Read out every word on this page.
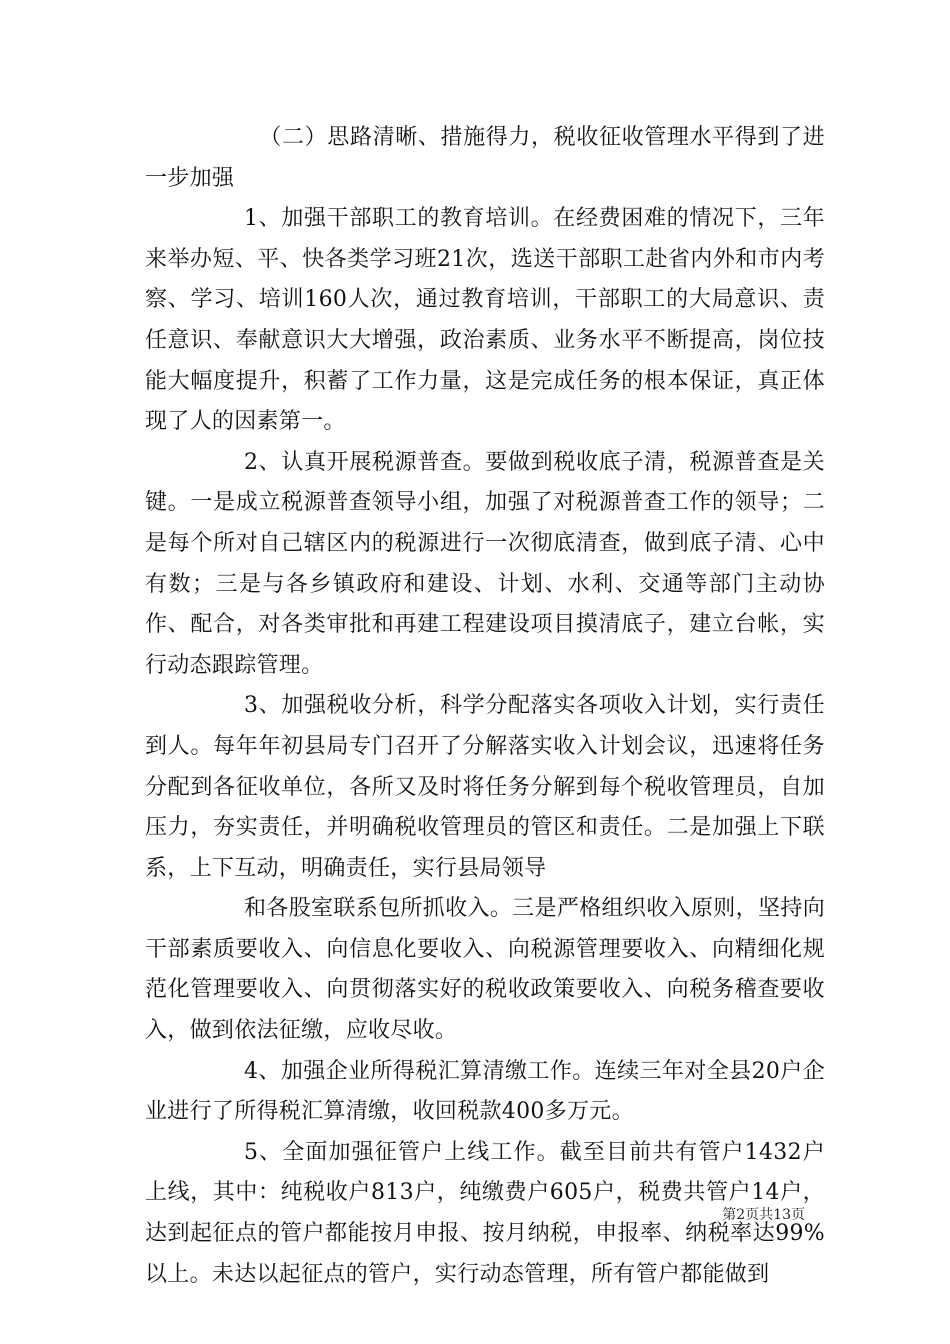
（二）思路清晰、措施得力，税收征收管理水平得到了进一步加强

1、加强干部职工的教育培训。在经费困难的情况下，三年来举办短、平、快各类学习班21次，选送干部职工赴省内外和市内考察、学习、培训160人次，通过教育培训，干部职工的大局意识、责任意识、奉献意识大大增强，政治素质、业务水平不断提高，岗位技能大幅度提升，积蓄了工作力量，这是完成任务的根本保证，真正体现了人的因素第一。

2、认真开展税源普查。要做到税收底子清，税源普查是关键。一是成立税源普查领导小组，加强了对税源普查工作的领导；二是每个所对自己辖区内的税源进行一次彻底清查，做到底子清、心中有数；三是与各乡镇政府和建设、计划、水利、交通等部门主动协作、配合，对各类审批和再建工程建设项目摸清底子，建立台帐，实行动态跟踪管理。

3、加强税收分析，科学分配落实各项收入计划，实行责任到人。每年年初县局专门召开了分解落实收入计划会议，迅速将任务分配到各征收单位，各所又及时将任务分解到每个税收管理员，自加压力，夯实责任，并明确税收管理员的管区和责任。二是加强上下联系，上下互动，明确责任，实行县局领导

和各股室联系包所抓收入。三是严格组织收入原则，坚持向干部素质要收入、向信息化要收入、向税源管理要收入、向精细化规范化管理要收入、向贯彻落实好的税收政策要收入、向税务稽查要收入，做到依法征缴，应收尽收。

4、加强企业所得税汇算清缴工作。连续三年对全县20户企业进行了所得税汇算清缴，收回税款400多万元。

5、全面加强征管户上线工作。截至目前共有管户1432户上线，其中：纯税收户813户，纯缴费户605户，税费共管户14户，达到起征点的管户都能按月申报、按月纳税，申报率、纳税率达99%以上。未达以起征点的管户，实行动态管理，所有管户都能做到

第2页共13页
